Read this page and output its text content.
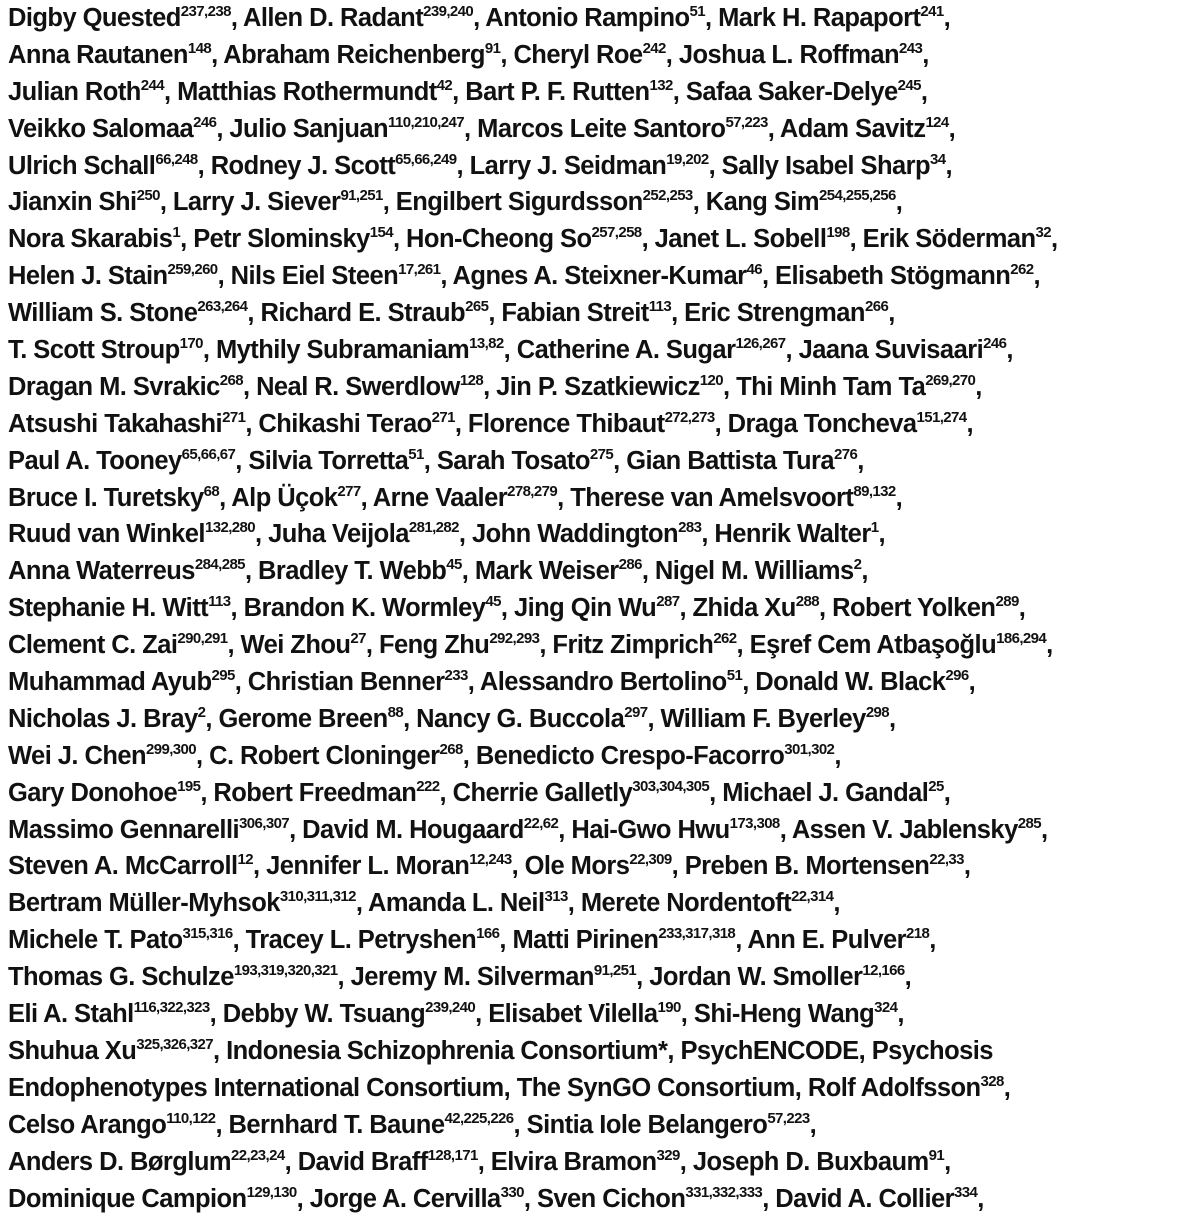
Digby Quested$^{237,238}$, Allen D. Radant$^{239,240}$, Antonio Rampino$^{51}$, Mark H. Rapaport$^{241}$,
Anna Rautanen$^{148}$, Abraham Reichenberg$^{91}$, Cheryl Roe$^{242}$, Joshua L. Roffman$^{243}$,
Julian Roth$^{244}$, Matthias Rothermundt$^{42}$, Bart P. F. Rutten$^{132}$, Safaa Saker-Delye$^{245}$,
Veikko Salomaa$^{246}$, Julio Sanjuan$^{110,210,247}$, Marcos Leite Santoro$^{57,223}$, Adam Savitz$^{124}$,
Ulrich Schall$^{66,248}$, Rodney J. Scott$^{65,66,249}$, Larry J. Seidman$^{19,202}$, Sally Isabel Sharp$^{34}$,
Jianxin Shi$^{250}$, Larry J. Siever$^{91,251}$, Engilbert Sigurdsson$^{252,253}$, Kang Sim$^{254,255,256}$,
Nora Skarabis$^1$, Petr Slominsky$^{154}$, Hon-Cheong So$^{257,258}$, Janet L. Sobell$^{198}$, Erik Söderman$^{32}$,
Helen J. Stain$^{259,260}$, Nils Eiel Steen$^{17,261}$, Agnes A. Steixner-Kumar$^{46}$, Elisabeth Stögmann$^{262}$,
William S. Stone$^{263,264}$, Richard E. Straub$^{265}$, Fabian Streit$^{113}$, Eric Strengman$^{266}$,
T. Scott Stroup$^{170}$, Mythily Subramaniam$^{13,82}$, Catherine A. Sugar$^{126,267}$, Jaana Suvisaari$^{246}$,
Dragan M. Svrakic$^{268}$, Neal R. Swerdlow$^{128}$, Jin P. Szatkiewicz$^{120}$, Thi Minh Tam Ta$^{269,270}$,
Atsushi Takahashi$^{271}$, Chikashi Terao$^{271}$, Florence Thibaut$^{272,273}$, Draga Toncheva$^{151,274}$,
Paul A. Tooney$^{65,66,67}$, Silvia Torretta$^{51}$, Sarah Tosato$^{275}$, Gian Battista Tura$^{276}$,
Bruce I. Turetsky$^{68}$, Alp Üçok$^{277}$, Arne Vaaler$^{278,279}$, Therese van Amelsvoort$^{89,132}$,
Ruud van Winkel$^{132,280}$, Juha Veijola$^{281,282}$, John Waddington$^{283}$, Henrik Walter$^1$,
Anna Waterreus$^{284,285}$, Bradley T. Webb$^{45}$, Mark Weiser$^{286}$, Nigel M. Williams$^2$,
Stephanie H. Witt$^{113}$, Brandon K. Wormley$^{45}$, Jing Qin Wu$^{287}$, Zhida Xu$^{288}$, Robert Yolken$^{289}$,
Clement C. Zai$^{290,291}$, Wei Zhou$^{27}$, Feng Zhu$^{292,293}$, Fritz Zimprich$^{262}$, Eşref Cem Atbaşoğlu$^{186,294}$,
Muhammad Ayub$^{295}$, Christian Benner$^{233}$, Alessandro Bertolino$^{51}$, Donald W. Black$^{296}$,
Nicholas J. Bray$^2$, Gerome Breen$^{88}$, Nancy G. Buccola$^{297}$, William F. Byerley$^{298}$,
Wei J. Chen$^{299,300}$, C. Robert Cloninger$^{268}$, Benedicto Crespo-Facorro$^{301,302}$,
Gary Donohoe$^{195}$, Robert Freedman$^{222}$, Cherrie Galletly$^{303,304,305}$, Michael J. Gandal$^{25}$,
Massimo Gennarelli$^{306,307}$, David M. Hougaard$^{22,62}$, Hai-Gwo Hwu$^{173,308}$, Assen V. Jablensky$^{285}$,
Steven A. McCarroll$^{12}$, Jennifer L. Moran$^{12,243}$, Ole Mors$^{22,309}$, Preben B. Mortensen$^{22,33}$,
Bertram Müller-Myhsok$^{310,311,312}$, Amanda L. Neil$^{313}$, Merete Nordentoft$^{22,314}$,
Michele T. Pato$^{315,316}$, Tracey L. Petryshen$^{166}$, Matti Pirinen$^{233,317,318}$, Ann E. Pulver$^{218}$,
Thomas G. Schulze$^{193,319,320,321}$, Jeremy M. Silverman$^{91,251}$, Jordan W. Smoller$^{12,166}$,
Eli A. Stahl$^{116,322,323}$, Debby W. Tsuang$^{239,240}$, Elisabet Vilella$^{190}$, Shi-Heng Wang$^{324}$,
Shuhua Xu$^{325,326,327}$, Indonesia Schizophrenia Consortium*, PsychENCODE, Psychosis
Endophenotypes International Consortium, The SynGO Consortium, Rolf Adolfsson$^{328}$,
Celso Arango$^{110,122}$, Bernhard T. Baune$^{42,225,226}$, Sintia Iole Belangero$^{57,223}$,
Anders D. Børglum$^{22,23,24}$, David Braff$^{128,171}$, Elvira Bramon$^{329}$, Joseph D. Buxbaum$^{91}$,
Dominique Campion$^{129,130}$, Jorge A. Cervilla$^{330}$, Sven Cichon$^{331,332,333}$, David A. Collier$^{334}$,
